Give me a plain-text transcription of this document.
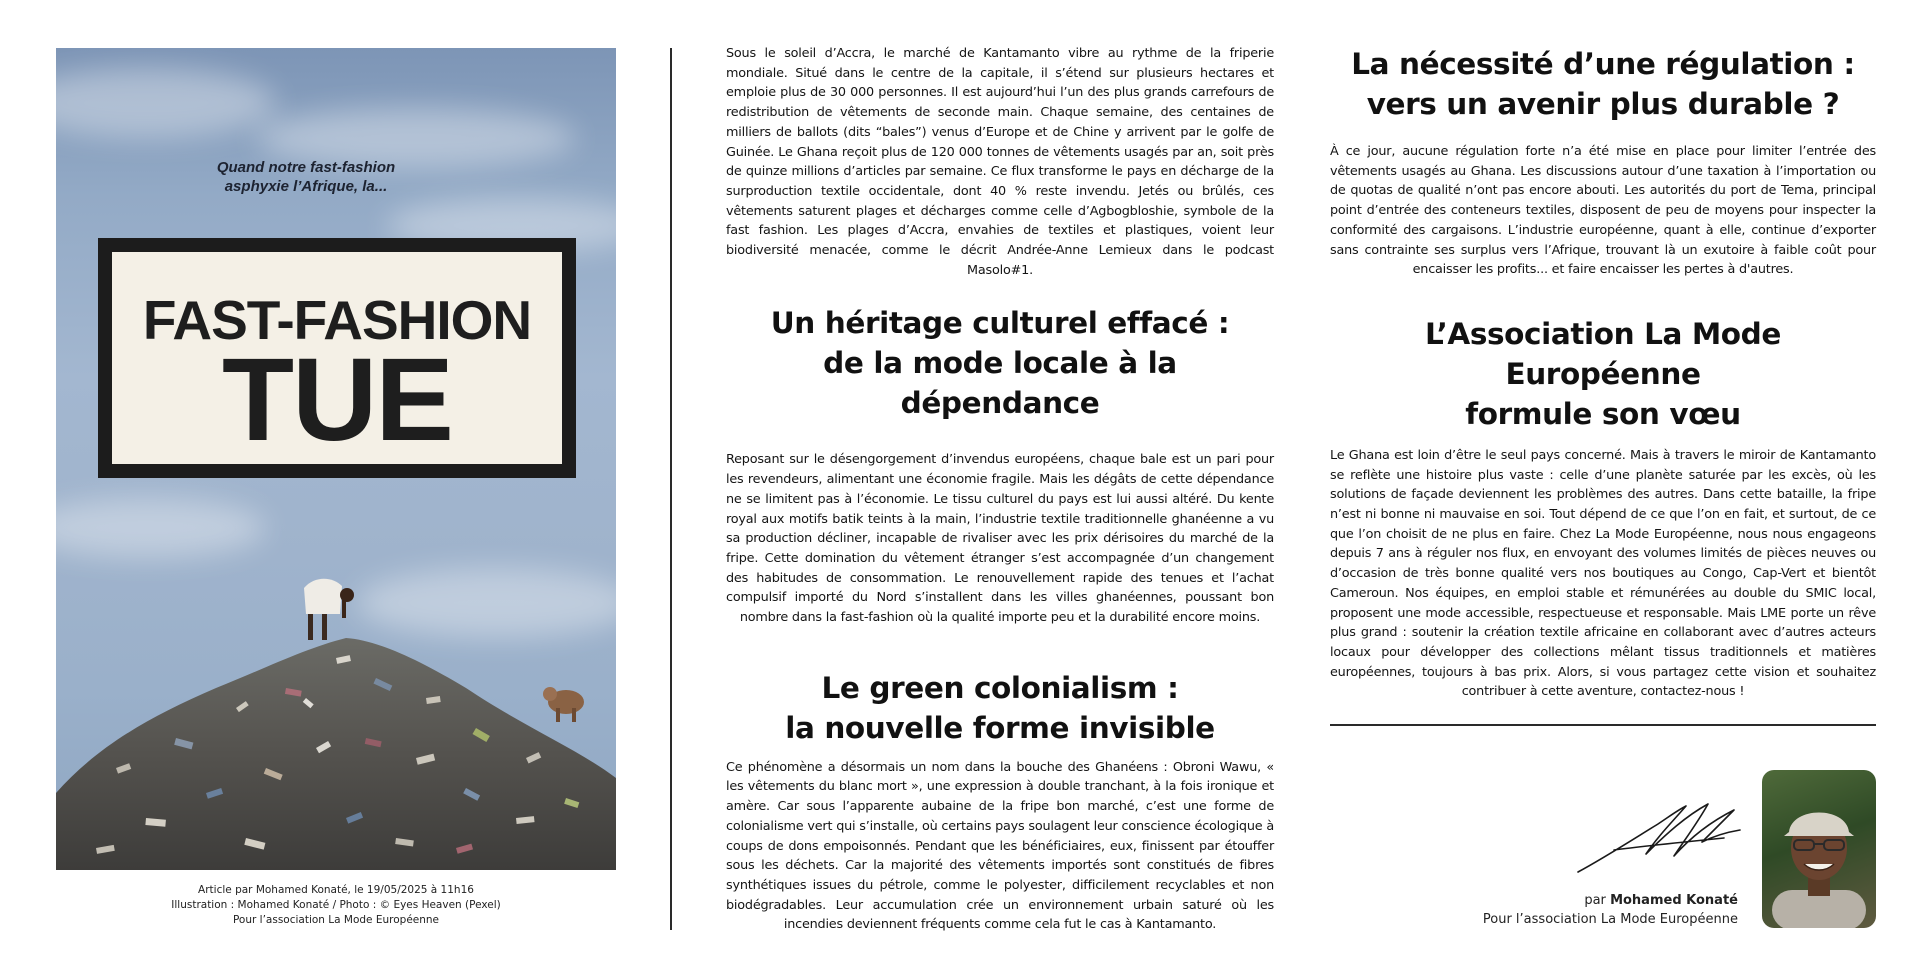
Quand notre fast-fashion
asphyxie l’Afrique, la...
FAST-FASHION
TUE
Article par Mohamed Konaté, le 19/05/2025 à 11h16
Illustration : Mohamed Konaté / Photo : © Eyes Heaven (Pexel)
Pour l’association La Mode Européenne

Sous le soleil d’Accra, le marché de Kantamanto vibre au rythme de la friperie mondiale. Situé dans le centre de la capitale, il s’étend sur plusieurs hectares et emploie plus de 30 000 personnes. Il est aujourd’hui l’un des plus grands carrefours de redistribution de vêtements de seconde main. Chaque semaine, des centaines de milliers de ballots (dits “bales”) venus d’Europe et de Chine y arrivent par le golfe de Guinée. Le Ghana reçoit plus de 120 000 tonnes de vêtements usagés par an, soit près de quinze millions d’articles par semaine. Ce flux transforme le pays en décharge de la surproduction textile occidentale, dont 40 % reste invendu. Jetés ou brûlés, ces vêtements saturent plages et décharges comme celle d’Agbogbloshie, symbole de la fast fashion. Les plages d’Accra, envahies de textiles et plastiques, voient leur biodiversité menacée, comme le décrit Andrée-Anne Lemieux dans le podcast Masolo#1.

Un héritage culturel effacé :
de la mode locale à la dépendance

Reposant sur le désengorgement d’invendus européens, chaque bale est un pari pour les revendeurs, alimentant une économie fragile. Mais les dégâts de cette dépendance ne se limitent pas à l’économie. Le tissu culturel du pays est lui aussi altéré. Du kente royal aux motifs batik teints à la main, l’industrie textile traditionnelle ghanéenne a vu sa production décliner, incapable de rivaliser avec les prix dérisoires du marché de la fripe. Cette domination du vêtement étranger s’est accompagnée d’un changement des habitudes de consommation. Le renouvellement rapide des tenues et l’achat compulsif importé du Nord s’installent dans les villes ghanéennes, poussant bon nombre dans la fast-fashion où la qualité importe peu et la durabilité encore moins.

Le green colonialism :
la nouvelle forme invisible

Ce phénomène a désormais un nom dans la bouche des Ghanéens : Obroni Wawu, « les vêtements du blanc mort », une expression à double tranchant, à la fois ironique et amère. Car sous l’apparente aubaine de la fripe bon marché, c’est une forme de colonialisme vert qui s’installe, où certains pays soulagent leur conscience écologique à coups de dons empoisonnés. Pendant que les bénéficiaires, eux, finissent par étouffer sous les déchets. Car la majorité des vêtements importés sont constitués de fibres synthétiques issues du pétrole, comme le polyester, difficilement recyclables et non biodégradables. Leur accumulation crée un environnement urbain saturé où les incendies deviennent fréquents comme cela fut le cas à Kantamanto.

La nécessité d’une régulation :
vers un avenir plus durable ?

À ce jour, aucune régulation forte n’a été mise en place pour limiter l’entrée des vêtements usagés au Ghana. Les discussions autour d’une taxation à l’importation ou de quotas de qualité n’ont pas encore abouti. Les autorités du port de Tema, principal point d’entrée des conteneurs textiles, disposent de peu de moyens pour inspecter la conformité des cargaisons. L’industrie européenne, quant à elle, continue d’exporter sans contrainte ses surplus vers l’Afrique, trouvant là un exutoire à faible coût pour encaisser les profits... et faire encaisser les pertes à d'autres.

L’Association La Mode Européenne
formule son vœu

Le Ghana est loin d’être le seul pays concerné. Mais à travers le miroir de Kantamanto se reflète une histoire plus vaste : celle d’une planète saturée par les excès, où les solutions de façade deviennent les problèmes des autres. Dans cette bataille, la fripe n’est ni bonne ni mauvaise en soi. Tout dépend de ce que l’on en fait, et surtout, de ce que l’on choisit de ne plus en faire. Chez La Mode Européenne, nous nous engageons depuis 7 ans à réguler nos flux, en envoyant des volumes limités de pièces neuves ou d’occasion de très bonne qualité vers nos boutiques au Congo, Cap-Vert et bientôt Cameroun. Nos équipes, en emploi stable et rémunérées au double du SMIC local, proposent une mode accessible, respectueuse et responsable. Mais LME porte un rêve plus grand : soutenir la création textile africaine en collaborant avec d’autres acteurs locaux pour développer des collections mêlant tissus traditionnels et matières européennes, toujours à bas prix. Alors, si vous partagez cette vision et souhaitez contribuer à cette aventure, contactez-nous !

par Mohamed Konaté
Pour l’association La Mode Européenne
